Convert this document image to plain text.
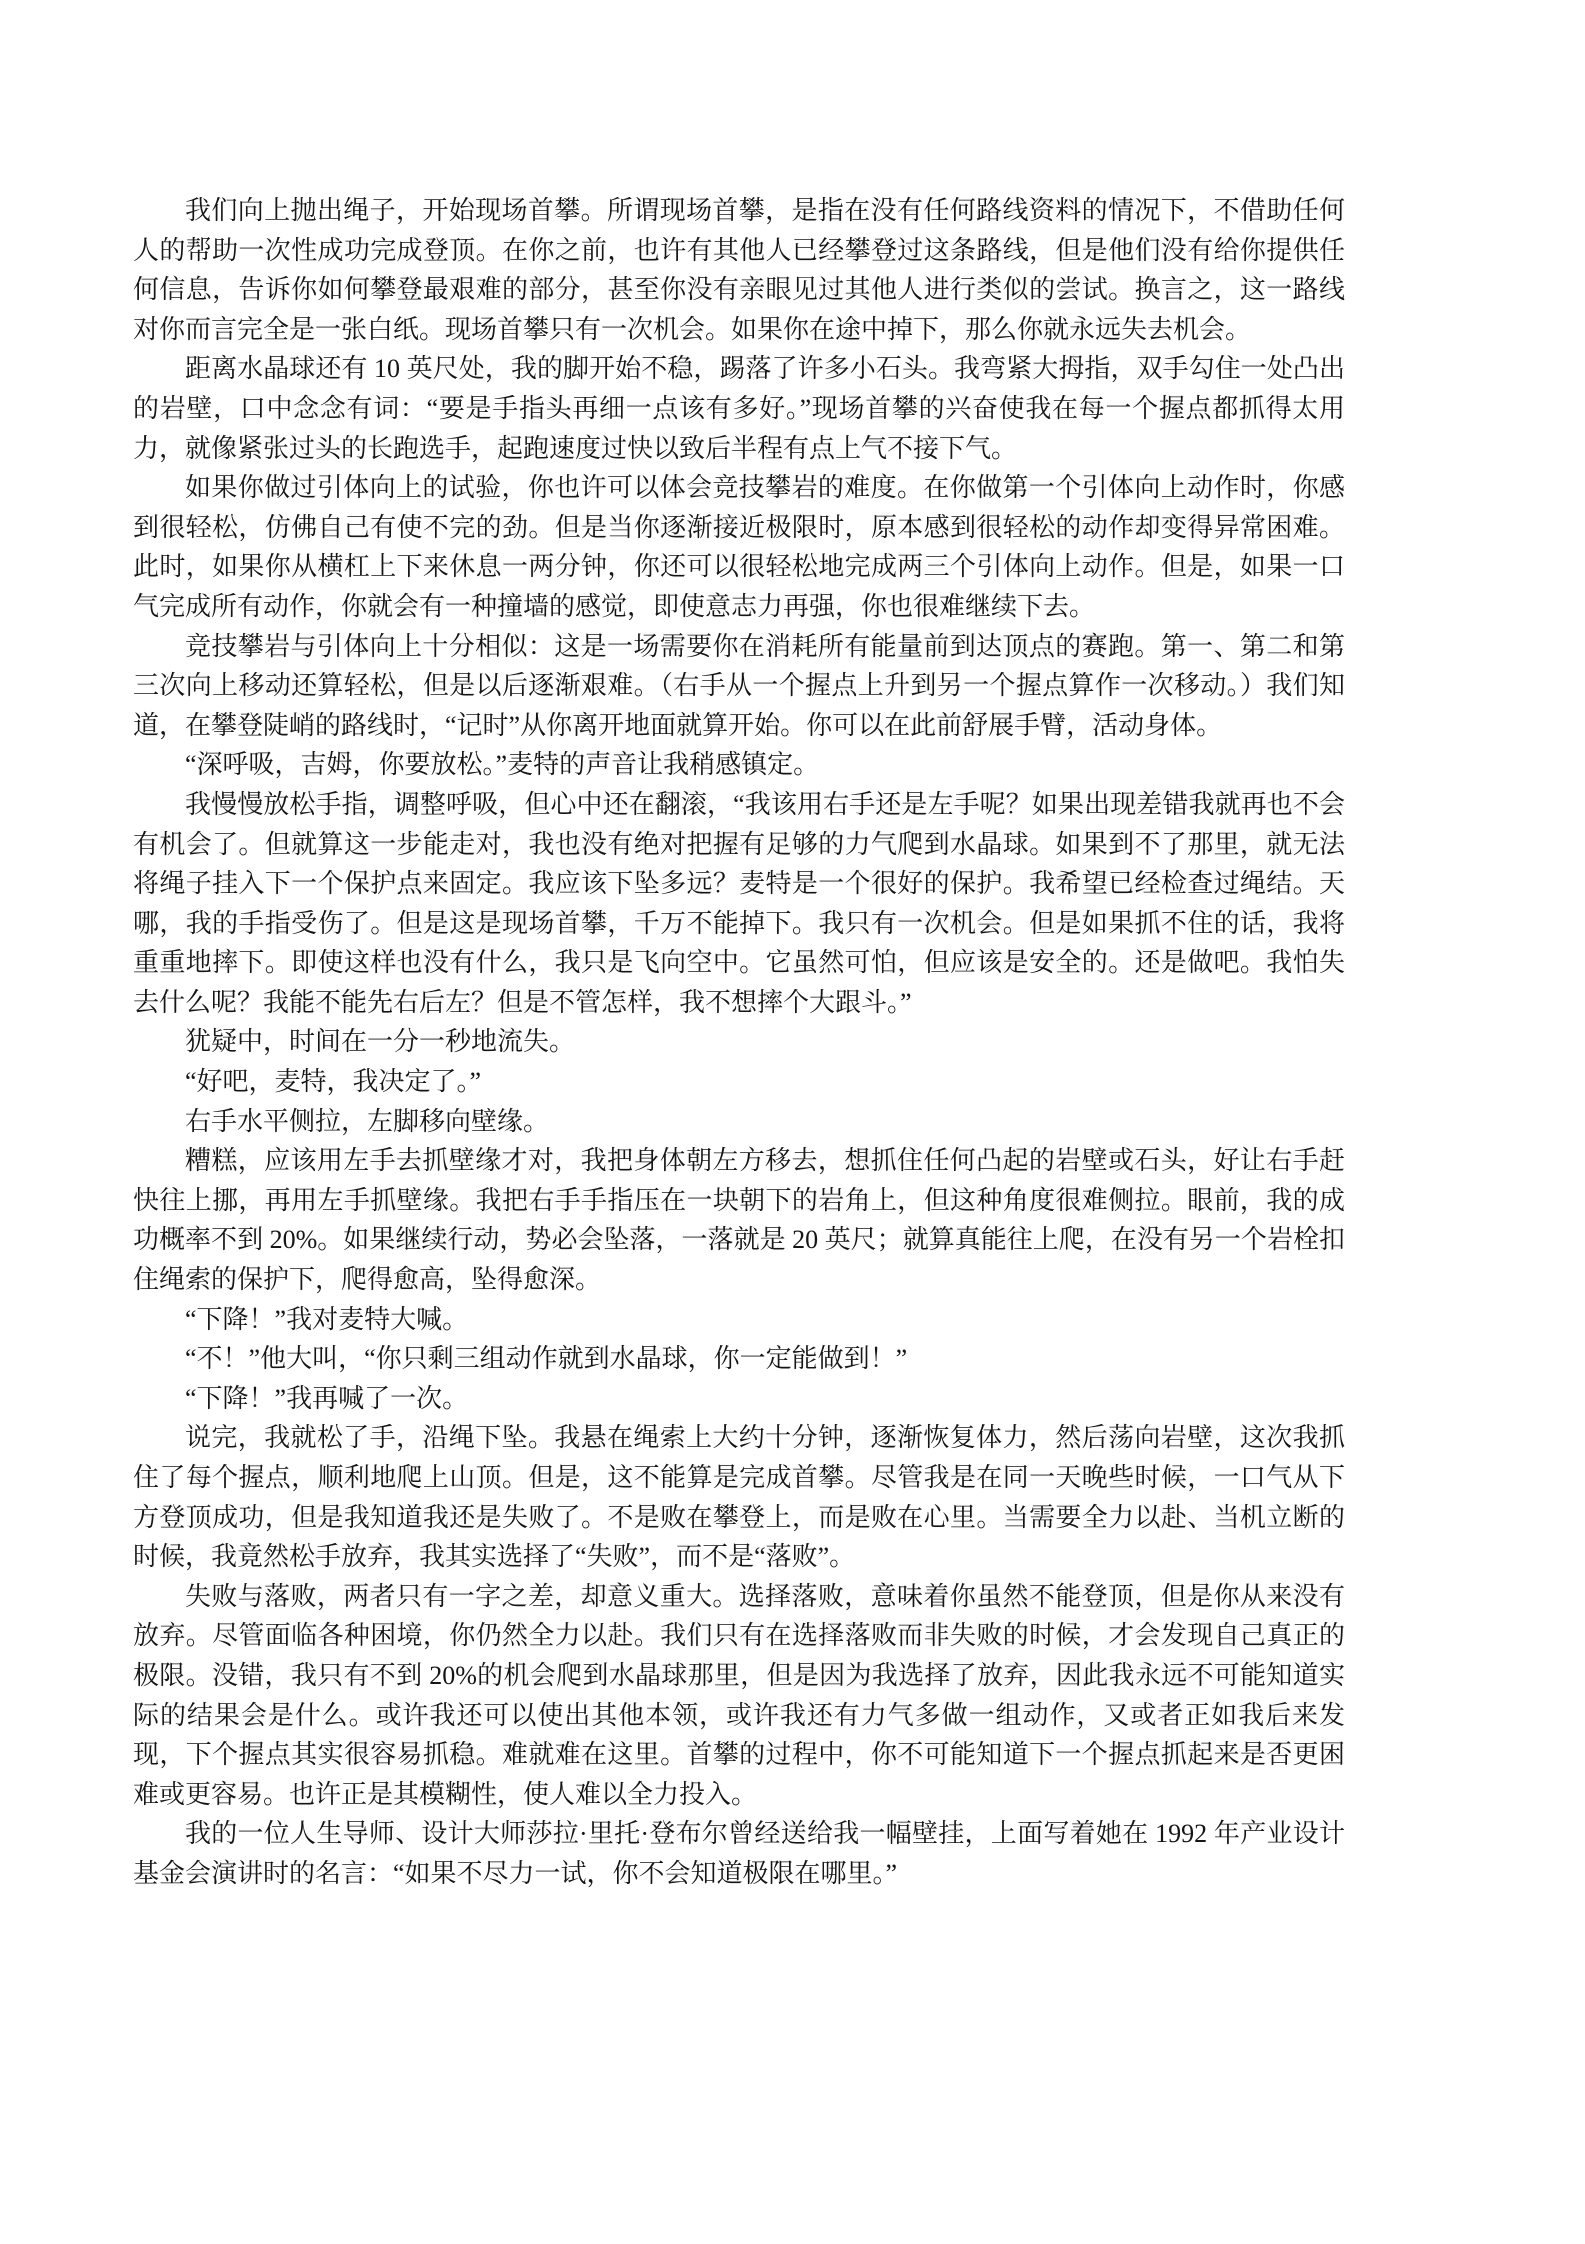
我们向上抛出绳子，开始现场首攀。所谓现场首攀，是指在没有任何路线资料的情况下，不借助任何人的帮助一次性成功完成登顶。在你之前，也许有其他人已经攀登过这条路线，但是他们没有给你提供任何信息，告诉你如何攀登最艰难的部分，甚至你没有亲眼见过其他人进行类似的尝试。换言之，这一路线对你而言完全是一张白纸。现场首攀只有一次机会。如果你在途中掉下，那么你就永远失去机会。

距离水晶球还有 10 英尺处，我的脚开始不稳，踢落了许多小石头。我弯紧大拇指，双手勾住一处凸出的岩壁，口中念念有词：“要是手指头再细一点该有多好。”现场首攀的兴奋使我在每一个握点都抓得太用力，就像紧张过头的长跑选手，起跑速度过快以致后半程有点上气不接下气。

如果你做过引体向上的试验，你也许可以体会竞技攀岩的难度。在你做第一个引体向上动作时，你感到很轻松，仿佛自己有使不完的劲。但是当你逐渐接近极限时，原本感到很轻松的动作却变得异常困难。此时，如果你从横杠上下来休息一两分钟，你还可以很轻松地完成两三个引体向上动作。但是，如果一口气完成所有动作，你就会有一种撞墙的感觉，即使意志力再强，你也很难继续下去。

竞技攀岩与引体向上十分相似：这是一场需要你在消耗所有能量前到达顶点的赛跑。第一、第二和第三次向上移动还算轻松，但是以后逐渐艰难。（右手从一个握点上升到另一个握点算作一次移动。）我们知道，在攀登陡峭的路线时，“记时”从你离开地面就算开始。你可以在此前舒展手臂，活动身体。

“深呼吸，吉姆，你要放松。”麦特的声音让我稍感镇定。

我慢慢放松手指，调整呼吸，但心中还在翻滚，“我该用右手还是左手呢？如果出现差错我就再也不会有机会了。但就算这一步能走对，我也没有绝对把握有足够的力气爬到水晶球。如果到不了那里，就无法将绳子挂入下一个保护点来固定。我应该下坠多远？麦特是一个很好的保护。我希望已经检查过绳结。天哪，我的手指受伤了。但是这是现场首攀，千万不能掉下。我只有一次机会。但是如果抓不住的话，我将重重地摔下。即使这样也没有什么，我只是飞向空中。它虽然可怕，但应该是安全的。还是做吧。我怕失去什么呢？我能不能先右后左？但是不管怎样，我不想摔个大跟斗。”

犹疑中，时间在一分一秒地流失。

“好吧，麦特，我决定了。”

右手水平侧拉，左脚移向壁缘。

糟糕，应该用左手去抓壁缘才对，我把身体朝左方移去，想抓住任何凸起的岩壁或石头，好让右手赶快往上挪，再用左手抓壁缘。我把右手手指压在一块朝下的岩角上，但这种角度很难侧拉。眼前，我的成功概率不到 20%。如果继续行动，势必会坠落，一落就是 20 英尺；就算真能往上爬，在没有另一个岩栓扣住绳索的保护下，爬得愈高，坠得愈深。

“下降！”我对麦特大喊。

“不！”他大叫，“你只剩三组动作就到水晶球，你一定能做到！”

“下降！”我再喊了一次。

说完，我就松了手，沿绳下坠。我悬在绳索上大约十分钟，逐渐恢复体力，然后荡向岩壁，这次我抓住了每个握点，顺利地爬上山顶。但是，这不能算是完成首攀。尽管我是在同一天晚些时候，一口气从下方登顶成功，但是我知道我还是失败了。不是败在攀登上，而是败在心里。当需要全力以赴、当机立断的时候，我竟然松手放弃，我其实选择了“失败”，而不是“落败”。

失败与落败，两者只有一字之差，却意义重大。选择落败，意味着你虽然不能登顶，但是你从来没有放弃。尽管面临各种困境，你仍然全力以赴。我们只有在选择落败而非失败的时候，才会发现自己真正的极限。没错，我只有不到 20%的机会爬到水晶球那里，但是因为我选择了放弃，因此我永远不可能知道实际的结果会是什么。或许我还可以使出其他本领，或许我还有力气多做一组动作，又或者正如我后来发现，下个握点其实很容易抓稳。难就难在这里。首攀的过程中，你不可能知道下一个握点抓起来是否更困难或更容易。也许正是其模糊性，使人难以全力投入。

我的一位人生导师、设计大师莎拉·里托·登布尔曾经送给我一幅壁挂，上面写着她在 1992 年产业设计基金会演讲时的名言：“如果不尽力一试，你不会知道极限在哪里。”
